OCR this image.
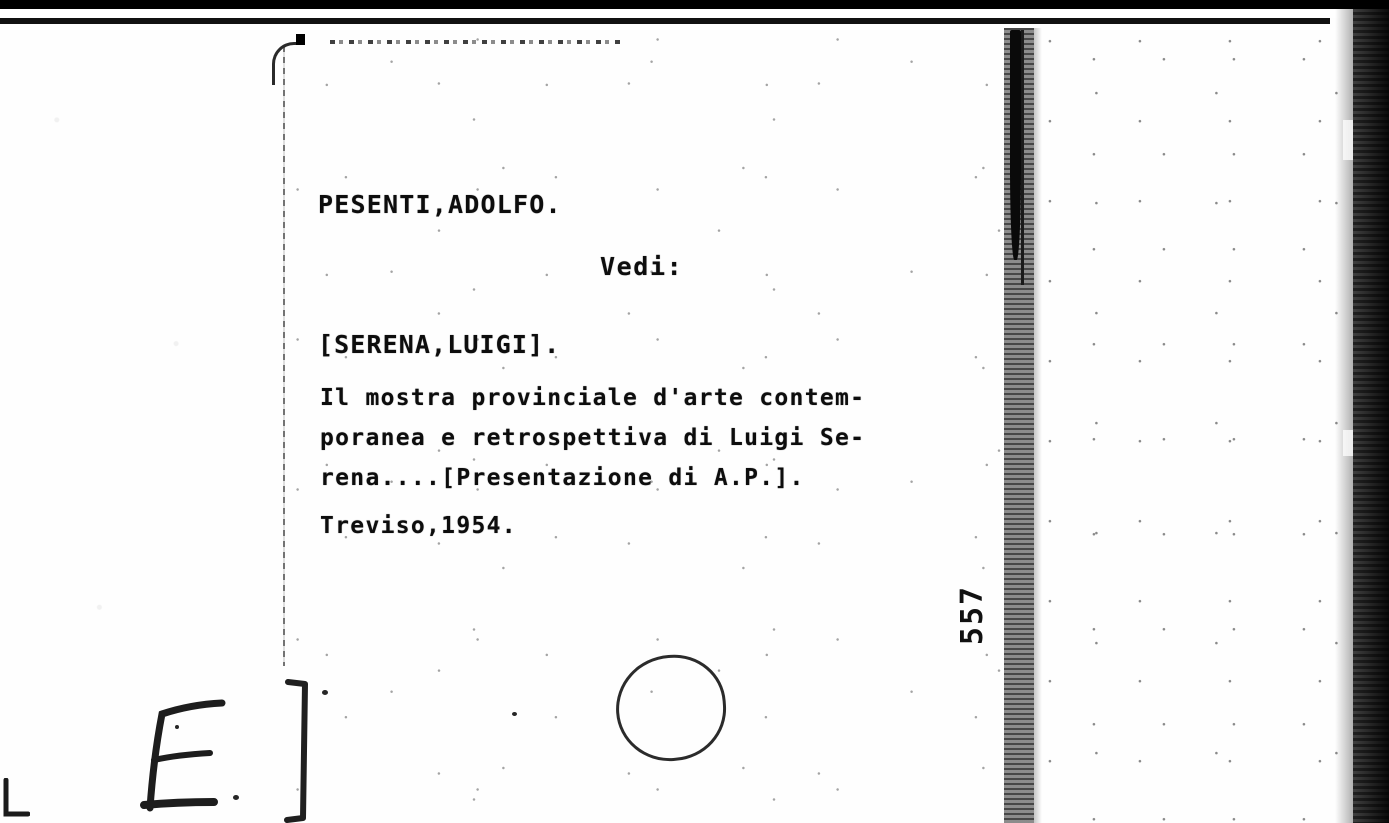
PESENTI,ADOLFO.
Vedi:
[SERENA,LUIGI].
Il mostra provinciale d'arte contem-
poranea e retrospettiva di Luigi Se-
rena....[Presentazione di A.P.].
Treviso,1954.
557
